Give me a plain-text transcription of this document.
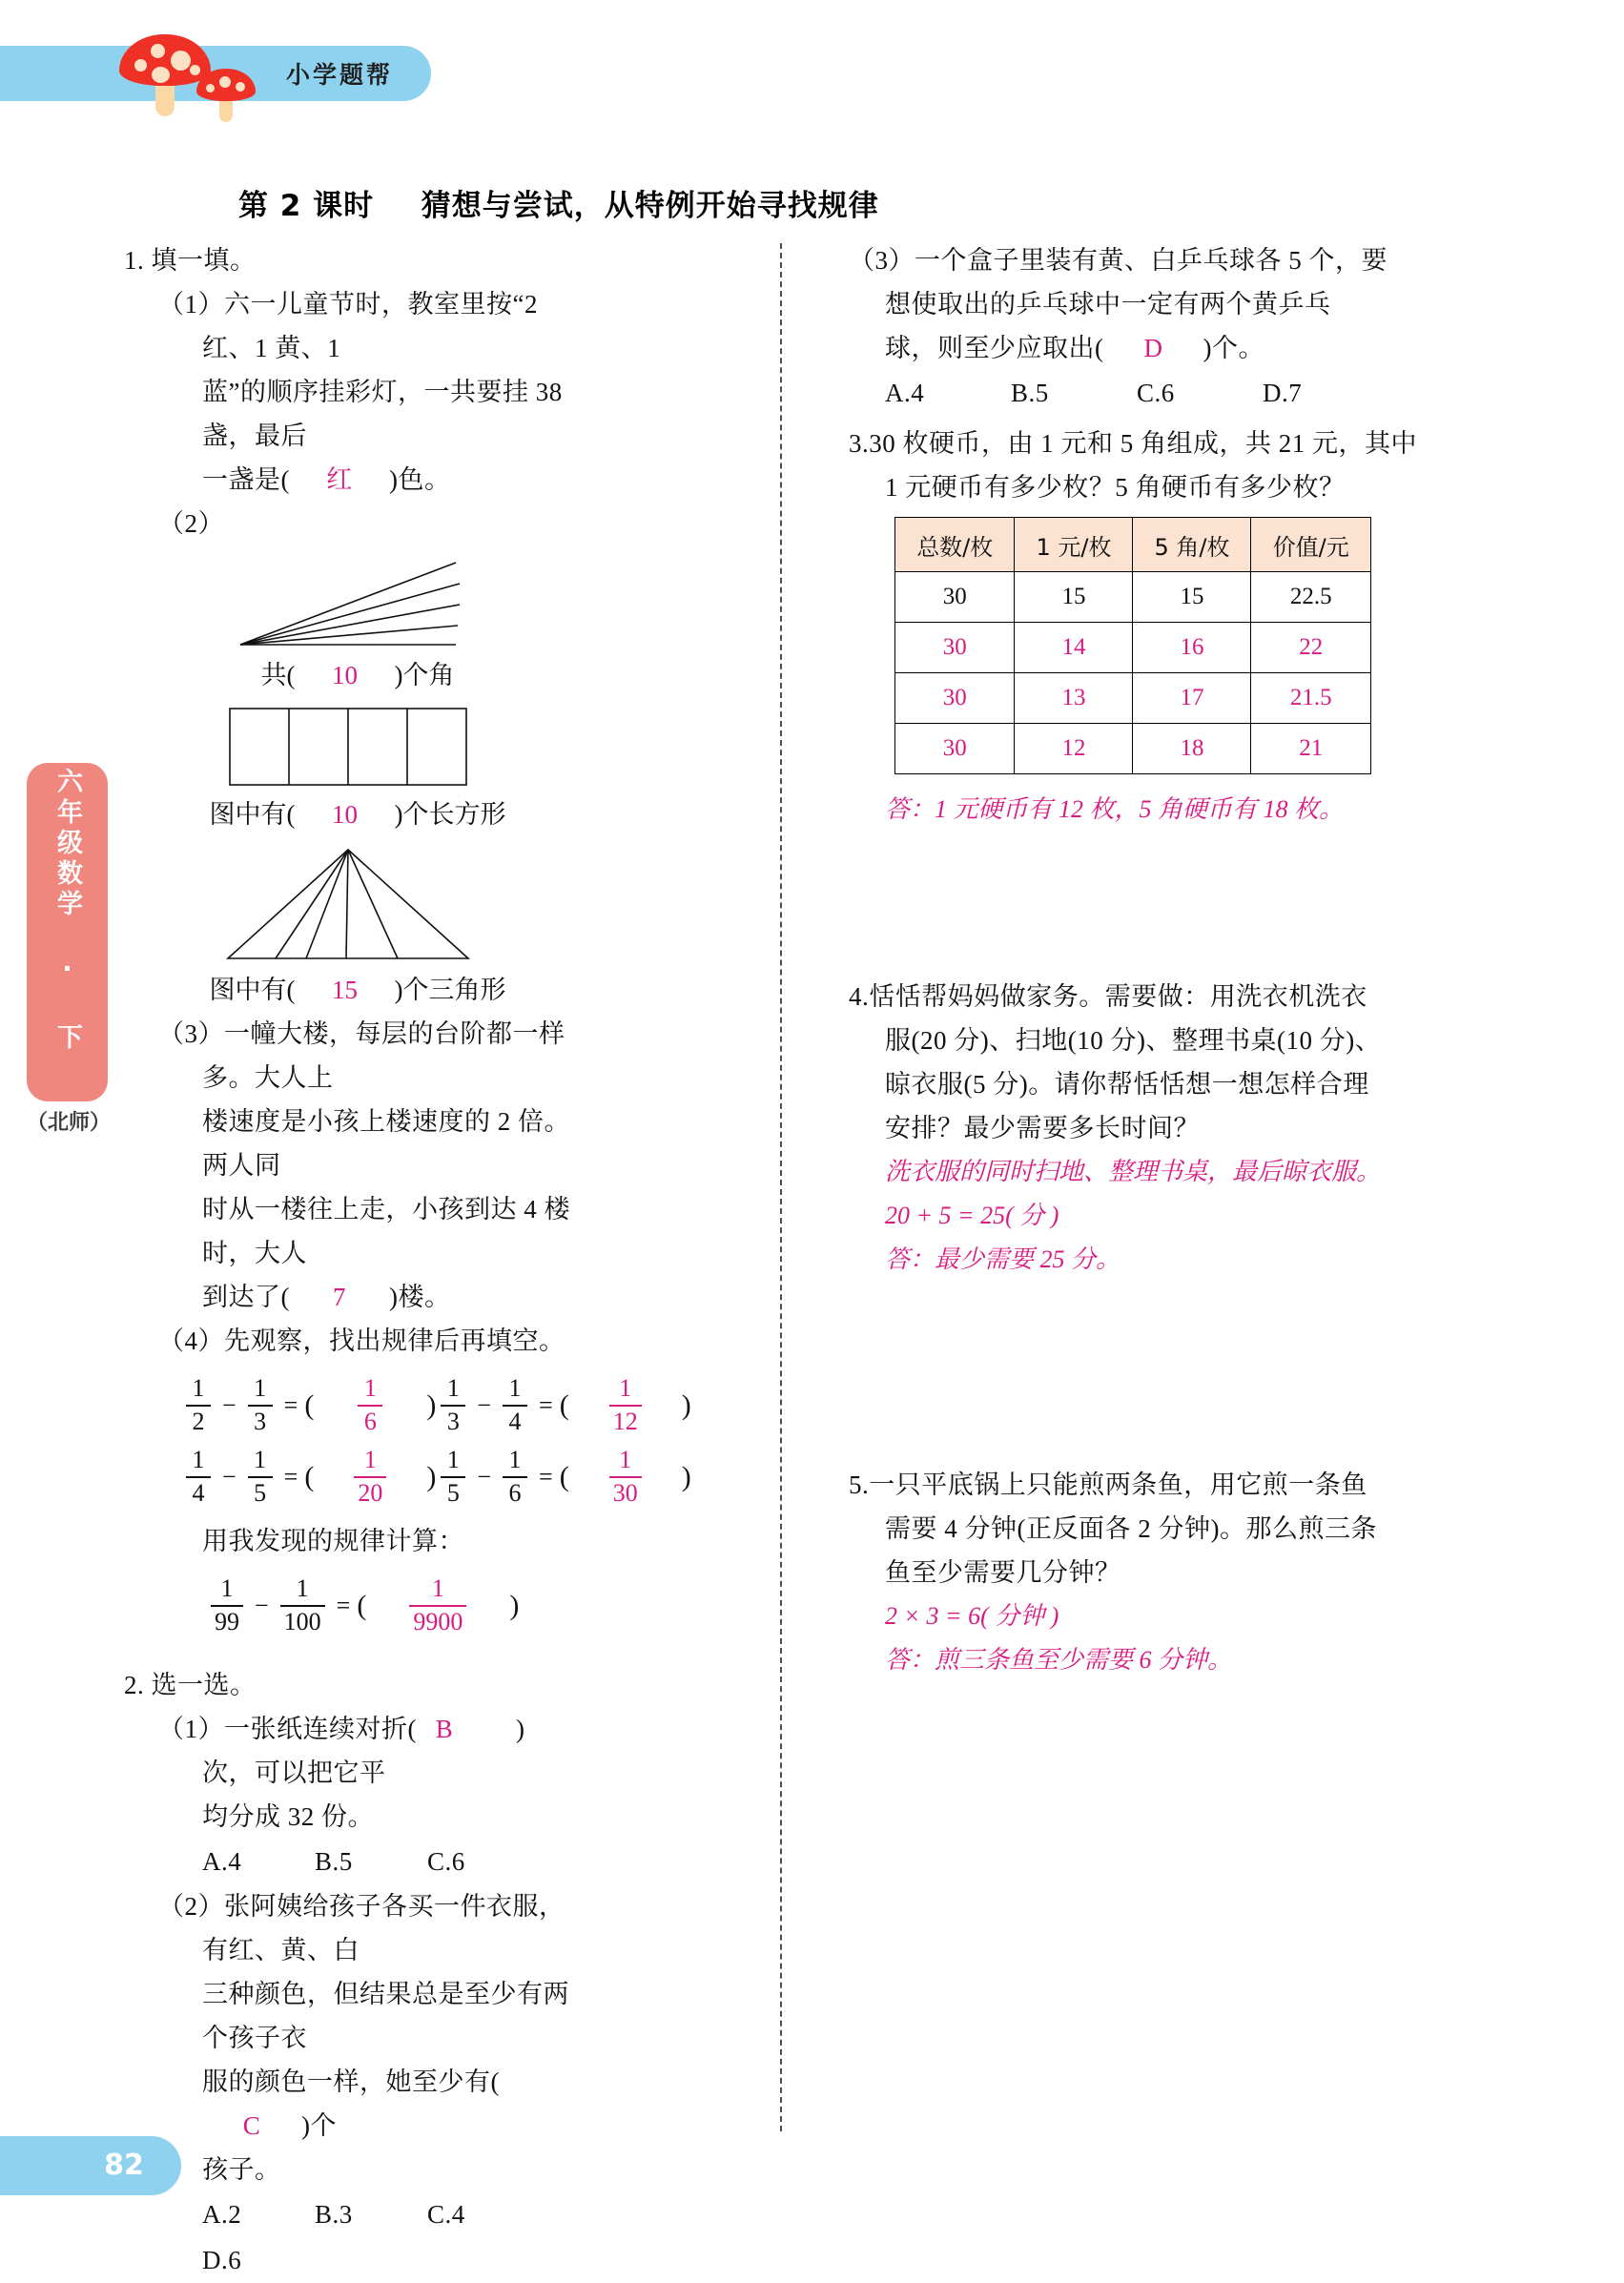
小学题帮
六年级数学 · 下
（北师）
第 2 课时 猜想与尝试，从特例开始寻找规律
1. 填一填。
（1）六一儿童节时，教室里按“2 红、1 黄、1
蓝”的顺序挂彩灯，一共要挂 38 盏，最后
一盏是( 红 )色。
（2）
共( 10 )个角
图中有( 10 )个长方形
图中有( 15 )个三角形
（3）一幢大楼，每层的台阶都一样多。大人上
楼速度是小孩上楼速度的 2 倍。两人同
时从一楼往上走，小孩到达 4 楼时，大人
到达了( 7 )楼。
（4）先观察，找出规律后再填空。
$\frac{1}{2} - \frac{1}{3}$ = ( $\frac{1}{6}$ ) $\frac{1}{3} - \frac{1}{4}$ = ( $\frac{1}{12}$ )
$\frac{1}{4} - \frac{1}{5}$ = ( $\frac{1}{20}$ ) $\frac{1}{5} - \frac{1}{6}$ = ( $\frac{1}{30}$ )
用我发现的规律计算：
$\frac{1}{99} - \frac{1}{100}$ = ( $\frac{1}{9900}$ )
2. 选一选。
（1）一张纸连续对折( B )次，可以把它平
均分成 32 份。
A.4	B.5	C.6
（2）张阿姨给孩子各买一件衣服，有红、黄、白
三种颜色，但结果总是至少有两个孩子衣
服的颜色一样，她至少有(C )个
孩子。
A.2	B.3	C.4D.6
（3）一个盒子里装有黄、白乒乓球各 5 个，要
想使取出的乒乓球中一定有两个黄乒乓
球，则至少应取出( D )个。
A.4	B.5	C.6	D.7
3.30 枚硬币，由 1 元和 5 角组成，共 21 元，其中
1 元硬币有多少枚？5 角硬币有多少枚？
总数/枚	1 元/枚	5 角/枚	价值/元
30	15	15	22.5
30	14	16	22
30	13	17	21.5
30	12	18	21
答：1 元硬币有 12 枚，5 角硬币有 18 枚。
4.恬恬帮妈妈做家务。需要做：用洗衣机洗衣
服(20 分)、扫地(10 分)、整理书桌(10 分)、
晾衣服(5 分)。请你帮恬恬想一想怎样合理
安排？最少需要多长时间？
洗衣服的同时扫地、整理书桌，最后晾衣服。
20 + 5 = 25( 分 )
答：最少需要 25 分。
5.一只平底锅上只能煎两条鱼，用它煎一条鱼
需要 4 分钟(正反面各 2 分钟)。那么煎三条
鱼至少需要几分钟？
2 × 3 = 6( 分钟 )
答：煎三条鱼至少需要 6 分钟。
82
